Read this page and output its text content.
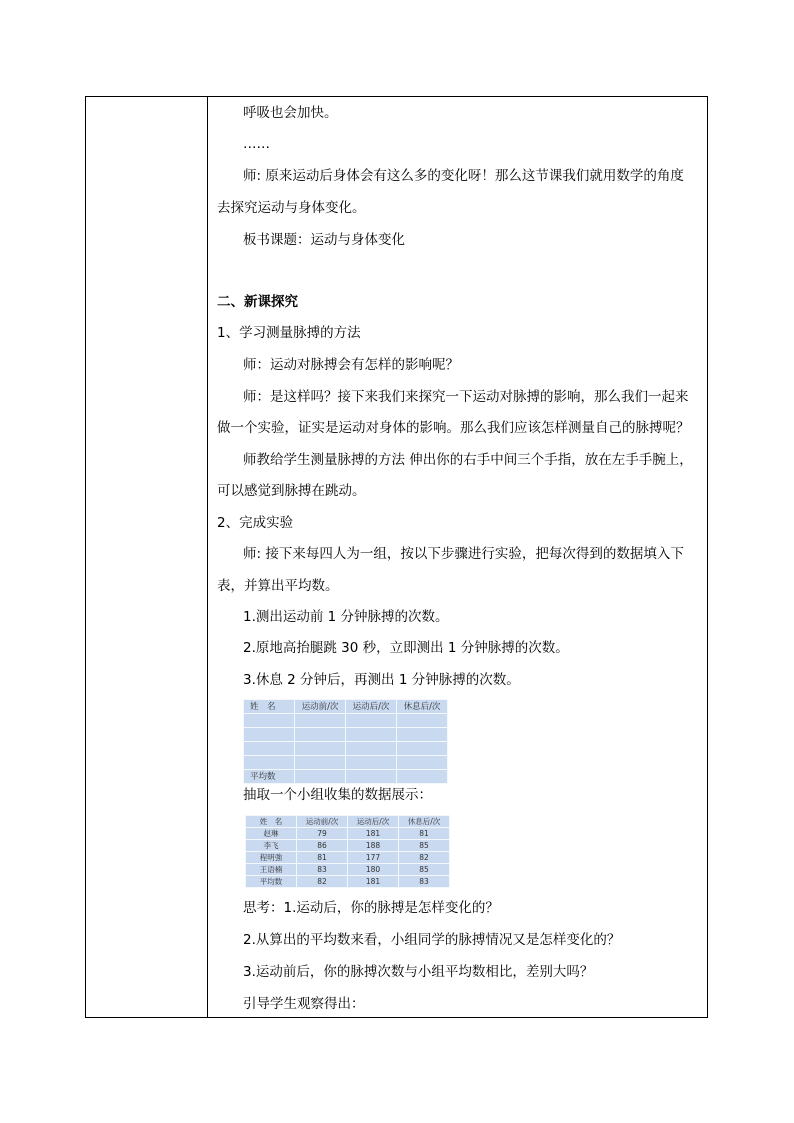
呼吸也会加快。
……
师: 原来运动后身体会有这么多的变化呀！那么这节课我们就用数学的角度
去探究运动与身体变化。
板书课题：运动与身体变化
二、新课探究
1、学习测量脉搏的方法
师：运动对脉搏会有怎样的影响呢？
师：是这样吗？接下来我们来探究一下运动对脉搏的影响，那么我们一起来
做一个实验，证实是运动对身体的影响。那么我们应该怎样测量自己的脉搏呢？
师教给学生测量脉搏的方法 伸出你的右手中间三个手指，放在左手手腕上，
可以感觉到脉搏在跳动。
2、完成实验
师: 接下来每四人为一组，按以下步骤进行实验，把每次得到的数据填入下
表，并算出平均数。
1.测出运动前 1 分钟脉搏的次数。
2.原地高抬腿跳 30 秒，立即测出 1 分钟脉搏的次数。
3.休息 2 分钟后，再测出 1 分钟脉搏的次数。
姓　名	运动前/次	运动后/次	休息后/次

平均数			
抽取一个小组收集的数据展示：
姓　名	运动前/次	运动后/次	休息后/次
赵琳	79	181	81
李飞	86	188	85
程明強	81	177	82
王语楠	83	180	85
平均数	82	181	83
思考：1.运动后，你的脉搏是怎样变化的？
2.从算出的平均数来看，小组同学的脉搏情况又是怎样变化的？
3.运动前后，你的脉搏次数与小组平均数相比，差别大吗？
引导学生观察得出：
